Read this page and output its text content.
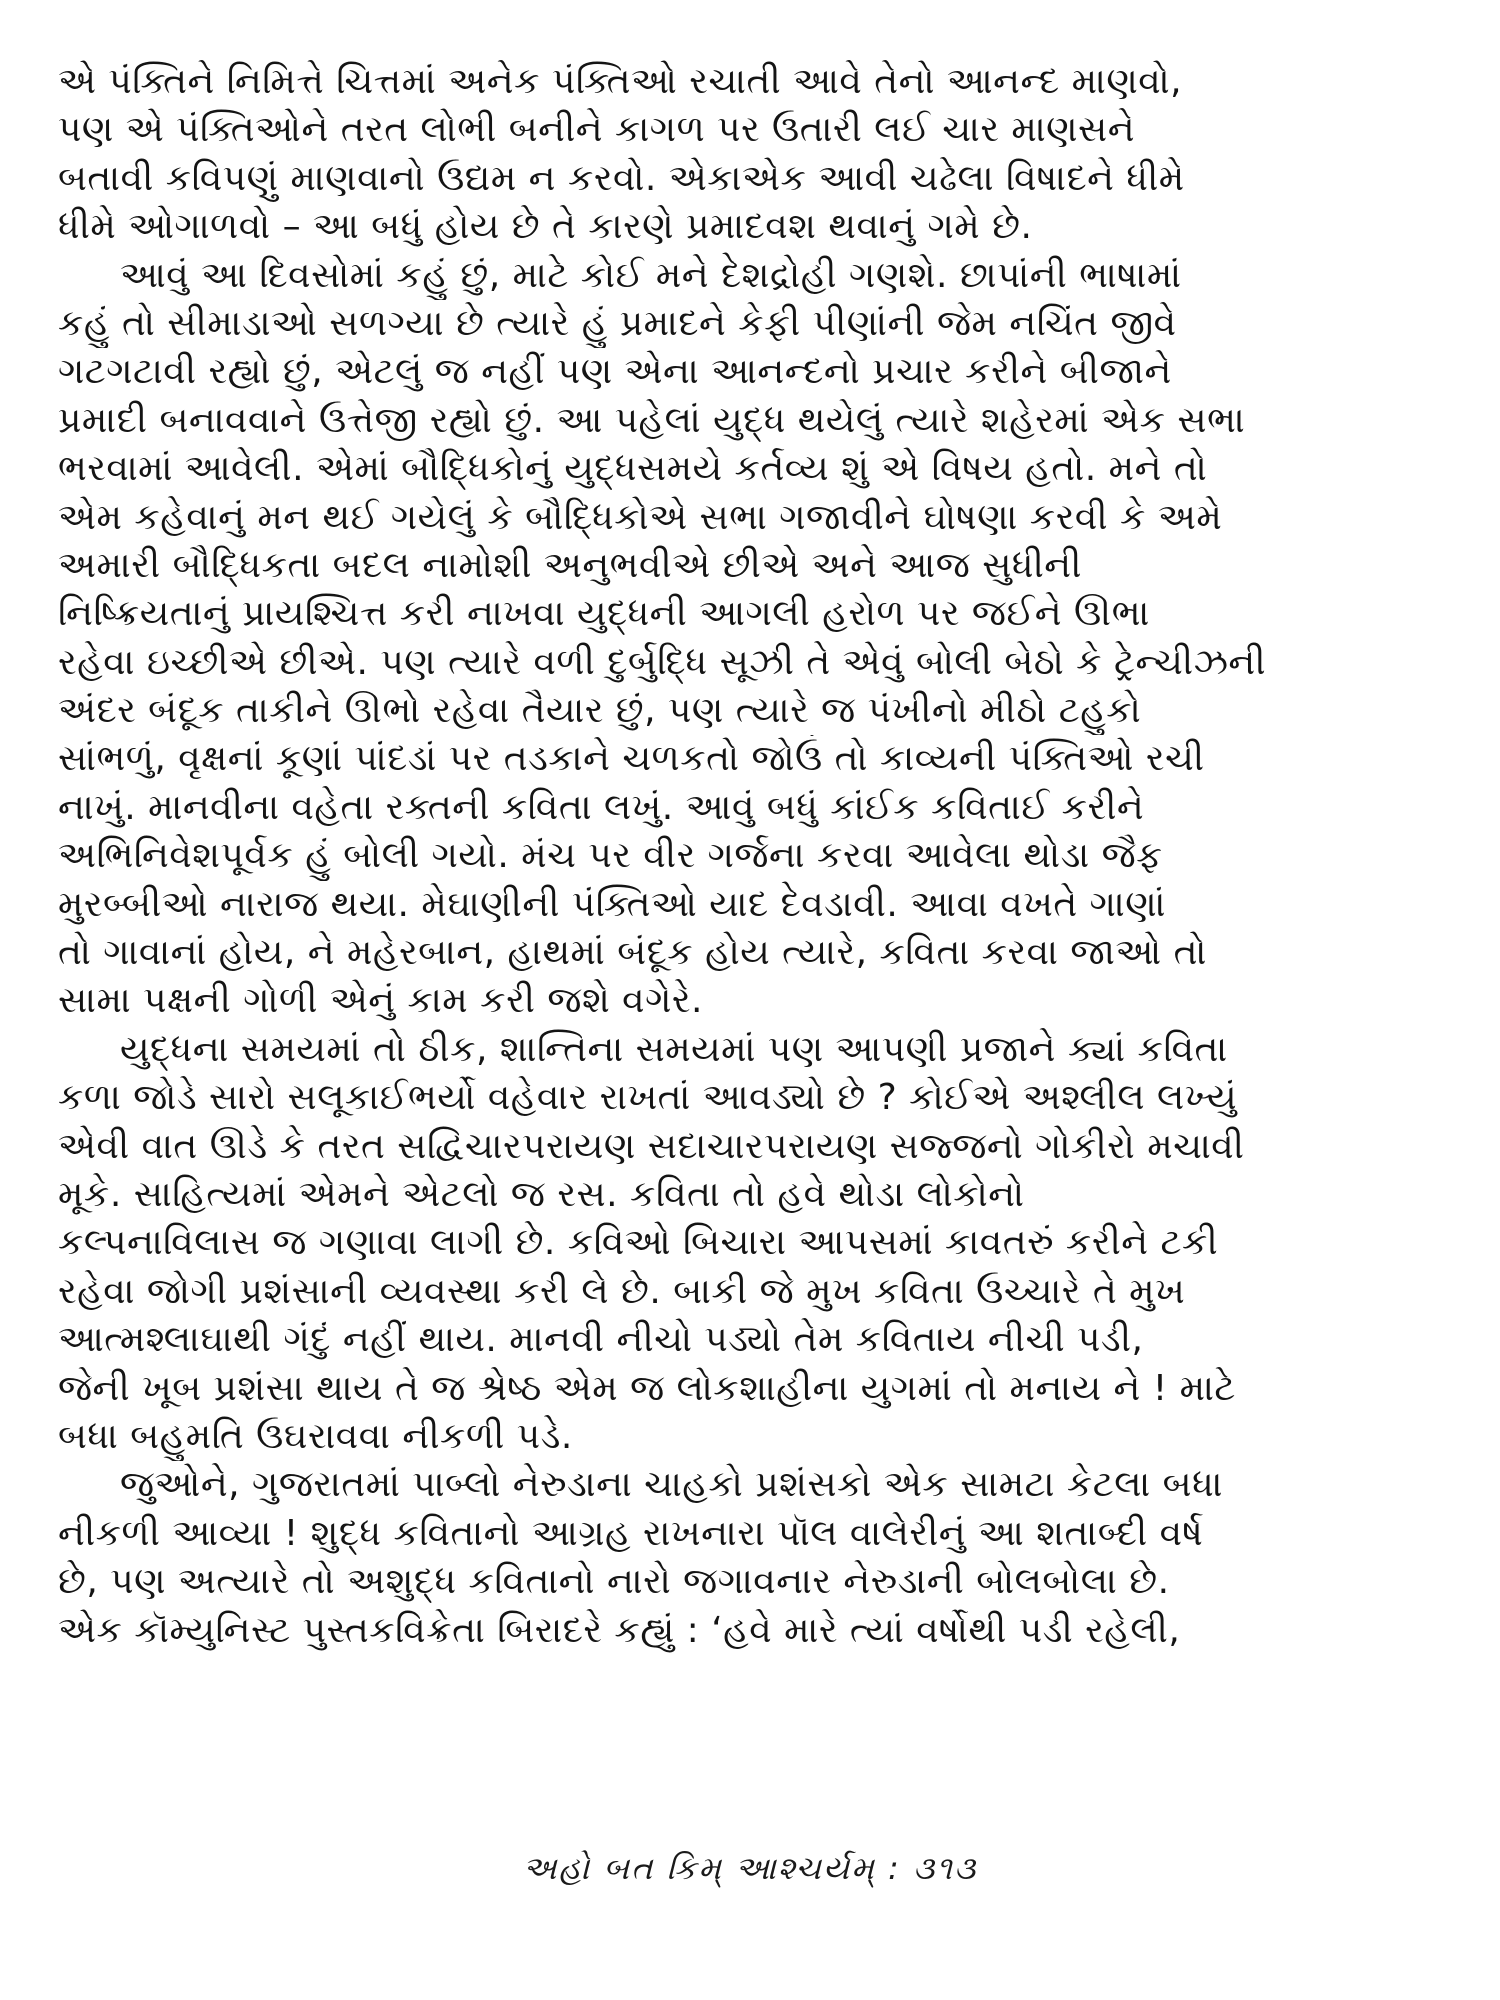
એ પંક્તિને નિમિત્તે ચિત્તમાં અનેક પંક્તિઓ રચાતી આવે તેનો આનન્દ માણવો,
પણ એ પંક્તિઓને તરત લોભી બનીને કાગળ પર ઉતારી લઈ ચાર માણસને
બતાવી કવિપણું માણવાનો ઉદ્યમ ન કરવો. એકાએક આવી ચઢેલા વિષાદને ધીમે
ધીમે ઓગાળવો – આ બધું હોય છે તે કારણે પ્રમાદવશ થવાનું ગમે છે.
આવું આ દિવસોમાં કહું છું, માટે કોઈ મને દેશદ્રોહી ગણશે. છાપાંની ભાષામાં
કહું તો સીમાડાઓ સળગ્યા છે ત્યારે હું પ્રમાદને કેફી પીણાંની જેમ નચિંત જીવે
ગટગટાવી રહ્યો છું, એટલું જ નહીં પણ એના આનન્દનો પ્રચાર કરીને બીજાને
પ્રમાદી બનાવવાને ઉત્તેજી રહ્યો છું. આ પહેલાં યુદ્ધ થયેલું ત્યારે શહેરમાં એક સભા
ભરવામાં આવેલી. એમાં બૌદ્ધિકોનું યુદ્ધસમયે કર્તવ્ય શું એ વિષય હતો. મને તો
એમ કહેવાનું મન થઈ ગયેલું કે બૌદ્ધિકોએ સભા ગજાવીને ઘોષણા કરવી કે અમે
અમારી બૌદ્ધિકતા બદલ નામોશી અનુભવીએ છીએ અને આજ સુધીની
નિષ્ક્રિયતાનું પ્રાયશ્ચિત્ત કરી નાખવા યુદ્ધની આગલી હરોળ પર જઈને ઊભા
રહેવા ઇચ્છીએ છીએ. પણ ત્યારે વળી દુર્બુદ્ધિ સૂઝી તે એવું બોલી બેઠો કે ટ્રેન્ચીઝની
અંદર બંદૂક તાકીને ઊભો રહેવા તૈયાર છું, પણ ત્યારે જ પંખીનો મીઠો ટહુકો
સાંભળું, વૃક્ષનાં કૂણાં પાંદડાં પર તડકાને ચળકતો જોઉં તો કાવ્યની પંક્તિઓ રચી
નાખું. માનવીના વહેતા રક્તની કવિતા લખું. આવું બધું કાંઈક કવિતાઈ કરીને
અભિનિવેશપૂર્વક હું બોલી ગયો. મંચ પર વીર ગર્જના કરવા આવેલા થોડા જૈફ
મુરબ્બીઓ નારાજ થયા. મેઘાણીની પંક્તિઓ યાદ દેવડાવી. આવા વખતે ગાણાં
તો ગાવાનાં હોય, ને મહેરબાન, હાથમાં બંદૂક હોય ત્યારે, કવિતા કરવા જાઓ તો
સામા પક્ષની ગોળી એનું કામ કરી જશે વગેરે.
યુદ્ધના સમયમાં તો ઠીક, શાન્તિના સમયમાં પણ આપણી પ્રજાને ક્યાં કવિતા
કળા જોડે સારો સલૂકાઈભર્યો વહેવાર રાખતાં આવડ્યો છે ? કોઈએ અશ્લીલ લખ્યું
એવી વાત ઊડે કે તરત સદ્વિચારપરાયણ સદાચારપરાયણ સજ્જનો ગોકીરો મચાવી
મૂકે. સાહિત્યમાં એમને એટલો જ રસ. કવિતા તો હવે થોડા લોકોનો
કલ્પનાવિલાસ જ ગણાવા લાગી છે. કવિઓ બિચારા આપસમાં કાવતરું કરીને ટકી
રહેવા જોગી પ્રશંસાની વ્યવસ્થા કરી લે છે. બાકી જે મુખ કવિતા ઉચ્ચારે તે મુખ
આત્મશ્લાઘાથી ગંદું નહીં થાય. માનવી નીચો પડ્યો તેમ કવિતાય નીચી પડી,
જેની ખૂબ પ્રશંસા થાય તે જ શ્રેષ્ઠ એમ જ લોકશાહીના યુગમાં તો મનાય ને ! માટે
બધા બહુમતિ ઉઘરાવવા નીકળી પડે.
જુઓને, ગુજરાતમાં પાબ્લો નેરુડાના ચાહકો પ્રશંસકો એક સામટા કેટલા બધા
નીકળી આવ્યા ! શુદ્ધ કવિતાનો આગ્રહ રાખનારા પૉલ વાલેરીનું આ શતાબ્દી વર્ષ
છે, પણ અત્યારે તો અશુદ્ધ કવિતાનો નારો જગાવનાર નેરુડાની બોલબોલા છે.
એક કૉમ્યુનિસ્ટ પુસ્તકવિક્રેતા બિરાદરે કહ્યું : ‘હવે મારે ત્યાં વર્ષોથી પડી રહેલી,
અહો બત કિમ્ આશ્ચર્યમ્ : ૩૧૩
